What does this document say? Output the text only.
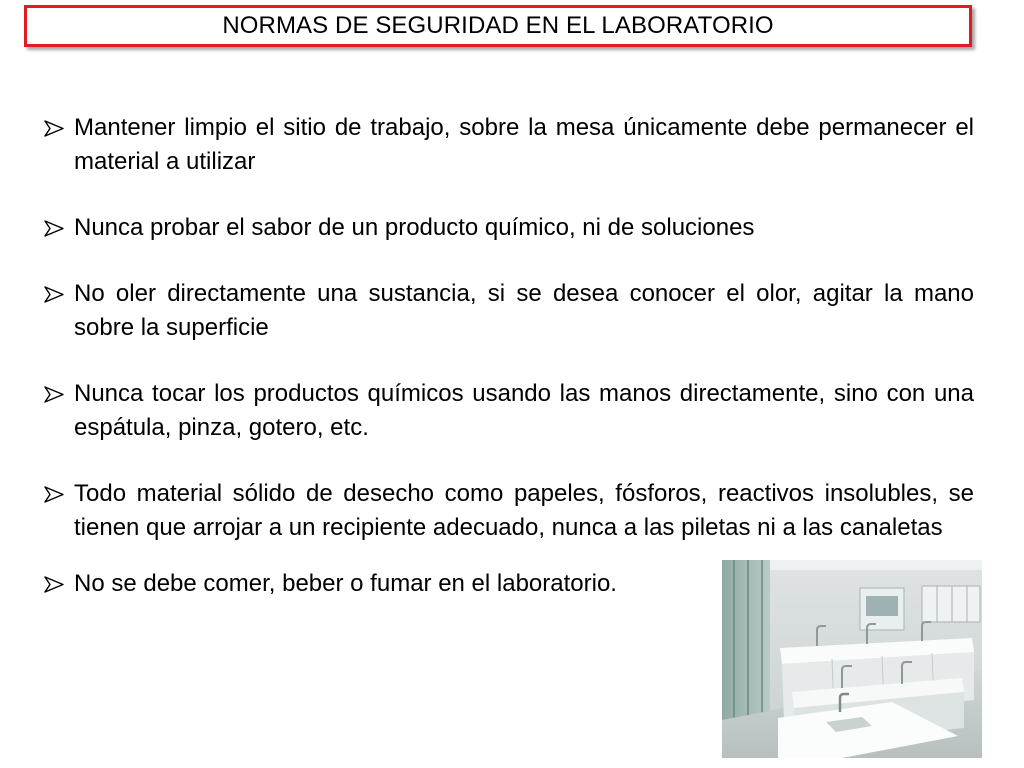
NORMAS DE SEGURIDAD EN EL LABORATORIO
Mantener limpio el sitio de trabajo, sobre la mesa únicamente debe permanecer el material a utilizar
Nunca probar el sabor de un producto químico, ni de soluciones
No oler directamente una sustancia, si se desea conocer el olor, agitar la mano sobre la superficie
Nunca tocar los productos químicos usando las manos directamente, sino con una espátula, pinza, gotero, etc.
Todo material sólido de desecho como papeles, fósforos, reactivos insolubles, se tienen que arrojar a un recipiente adecuado, nunca a las piletas ni a las canaletas
No se debe comer, beber o fumar en el laboratorio.
